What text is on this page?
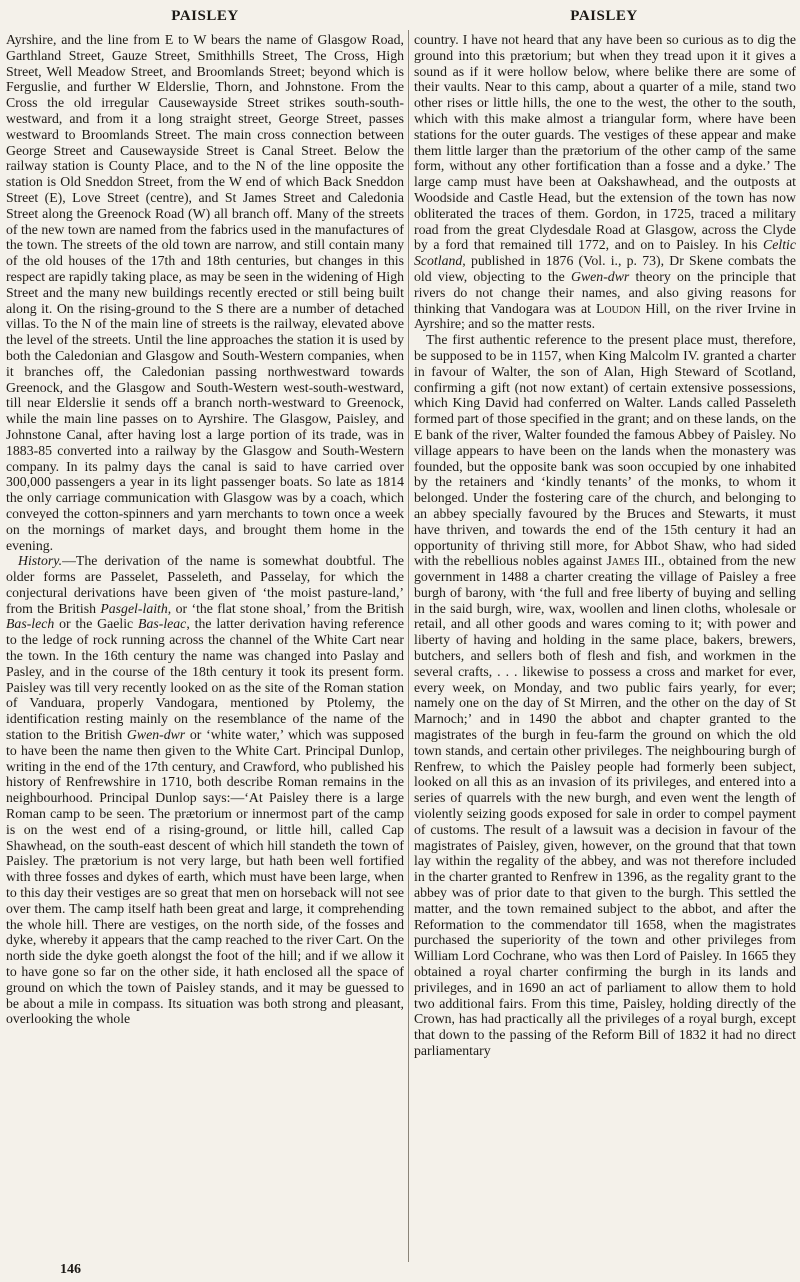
PAISLEY	PAISLEY

Ayrshire, and the line from E to W bears the name of Glasgow Road, Garthland Street, Gauze Street, Smithhills Street, The Cross, High Street, Well Meadow Street, and Broomlands Street; beyond which is Ferguslie, and further W Elderslie, Thorn, and Johnstone. From the Cross the old irregular Causewayside Street strikes south-south-westward, and from it a long straight street, George Street, passes westward to Broomlands Street. The main cross connection between George Street and Causewayside Street is Canal Street. Below the railway station is County Place, and to the N of the line opposite the station is Old Sneddon Street, from the W end of which Back Sneddon Street (E), Love Street (centre), and St James Street and Caledonia Street along the Greenock Road (W) all branch off. Many of the streets of the new town are named from the fabrics used in the manufactures of the town. The streets of the old town are narrow, and still contain many of the old houses of the 17th and 18th centuries, but changes in this respect are rapidly taking place, as may be seen in the widening of High Street and the many new buildings recently erected or still being built along it. On the rising-ground to the S there are a number of detached villas. To the N of the main line of streets is the railway, elevated above the level of the streets. Until the line approaches the station it is used by both the Caledonian and Glasgow and South-Western companies, when it branches off, the Caledonian passing northwestward towards Greenock, and the Glasgow and South-Western west-south-westward, till near Elderslie it sends off a branch north-westward to Greenock, while the main line passes on to Ayrshire. The Glasgow, Paisley, and Johnstone Canal, after having lost a large portion of its trade, was in 1883-85 converted into a railway by the Glasgow and South-Western company. In its palmy days the canal is said to have carried over 300,000 passengers a year in its light passenger boats. So late as 1814 the only carriage communication with Glasgow was by a coach, which conveyed the cotton-spinners and yarn merchants to town once a week on the mornings of market days, and brought them home in the evening.

History.—The derivation of the name is somewhat doubtful. The older forms are Passelet, Passeleth, and Passelay, for which the conjectural derivations have been given of ‘the moist pasture-land,’ from the British Pasgel-laith, or ‘the flat stone shoal,’ from the British Bas-lech or the Gaelic Bas-leac, the latter derivation having reference to the ledge of rock running across the channel of the White Cart near the town. In the 16th century the name was changed into Paslay and Pasley, and in the course of the 18th century it took its present form. Paisley was till very recently looked on as the site of the Roman station of Vanduara, properly Vandogara, mentioned by Ptolemy, the identification resting mainly on the resemblance of the name of the station to the British Gwen-dwr or ‘white water,’ which was supposed to have been the name then given to the White Cart. Principal Dunlop, writing in the end of the 17th century, and Crawford, who published his history of Renfrewshire in 1710, both describe Roman remains in the neighbourhood. Principal Dunlop says:—‘At Paisley there is a large Roman camp to be seen. The prætorium or innermost part of the camp is on the west end of a rising-ground, or little hill, called Cap Shawhead, on the south-east descent of which hill standeth the town of Paisley. The prætorium is not very large, but hath been well fortified with three fosses and dykes of earth, which must have been large, when to this day their vestiges are so great that men on horseback will not see over them. The camp itself hath been great and large, it comprehending the whole hill. There are vestiges, on the north side, of the fosses and dyke, whereby it appears that the camp reached to the river Cart. On the north side the dyke goeth alongst the foot of the hill; and if we allow it to have gone so far on the other side, it hath enclosed all the space of ground on which the town of Paisley stands, and it may be guessed to be about a mile in compass. Its situation was both strong and pleasant, overlooking the whole

country. I have not heard that any have been so curious as to dig the ground into this prætorium; but when they tread upon it it gives a sound as if it were hollow below, where belike there are some of their vaults. Near to this camp, about a quarter of a mile, stand two other rises or little hills, the one to the west, the other to the south, which with this make almost a triangular form, where have been stations for the outer guards. The vestiges of these appear and make them little larger than the prætorium of the other camp of the same form, without any other fortification than a fosse and a dyke.’ The large camp must have been at Oakshawhead, and the outposts at Woodside and Castle Head, but the extension of the town has now obliterated the traces of them. Gordon, in 1725, traced a military road from the great Clydesdale Road at Glasgow, across the Clyde by a ford that remained till 1772, and on to Paisley. In his Celtic Scotland, published in 1876 (Vol. i., p. 73), Dr Skene combats the old view, objecting to the Gwen-dwr theory on the principle that rivers do not change their names, and also giving reasons for thinking that Vandogara was at Loudon Hill, on the river Irvine in Ayrshire; and so the matter rests.

The first authentic reference to the present place must, therefore, be supposed to be in 1157, when King Malcolm IV. granted a charter in favour of Walter, the son of Alan, High Steward of Scotland, confirming a gift (not now extant) of certain extensive possessions, which King David had conferred on Walter. Lands called Passeleth formed part of those specified in the grant; and on these lands, on the E bank of the river, Walter founded the famous Abbey of Paisley. No village appears to have been on the lands when the monastery was founded, but the opposite bank was soon occupied by one inhabited by the retainers and ‘kindly tenants’ of the monks, to whom it belonged. Under the fostering care of the church, and belonging to an abbey specially favoured by the Bruces and Stewarts, it must have thriven, and towards the end of the 15th century it had an opportunity of thriving still more, for Abbot Shaw, who had sided with the rebellious nobles against James III., obtained from the new government in 1488 a charter creating the village of Paisley a free burgh of barony, with ‘the full and free liberty of buying and selling in the said burgh, wire, wax, woollen and linen cloths, wholesale or retail, and all other goods and wares coming to it; with power and liberty of having and holding in the same place, bakers, brewers, butchers, and sellers both of flesh and fish, and workmen in the several crafts, . . . likewise to possess a cross and market for ever, every week, on Monday, and two public fairs yearly, for ever; namely one on the day of St Mirren, and the other on the day of St Marnoch;’ and in 1490 the abbot and chapter granted to the magistrates of the burgh in feu-farm the ground on which the old town stands, and certain other privileges. The neighbouring burgh of Renfrew, to which the Paisley people had formerly been subject, looked on all this as an invasion of its privileges, and entered into a series of quarrels with the new burgh, and even went the length of violently seizing goods exposed for sale in order to compel payment of customs. The result of a lawsuit was a decision in favour of the magistrates of Paisley, given, however, on the ground that that town lay within the regality of the abbey, and was not therefore included in the charter granted to Renfrew in 1396, as the regality grant to the abbey was of prior date to that given to the burgh. This settled the matter, and the town remained subject to the abbot, and after the Reformation to the commendator till 1658, when the magistrates purchased the superiority of the town and other privileges from William Lord Cochrane, who was then Lord of Paisley. In 1665 they obtained a royal charter confirming the burgh in its lands and privileges, and in 1690 an act of parliament to allow them to hold two additional fairs. From this time, Paisley, holding directly of the Crown, has had practically all the privileges of a royal burgh, except that down to the passing of the Reform Bill of 1832 it had no direct parliamentary

146
